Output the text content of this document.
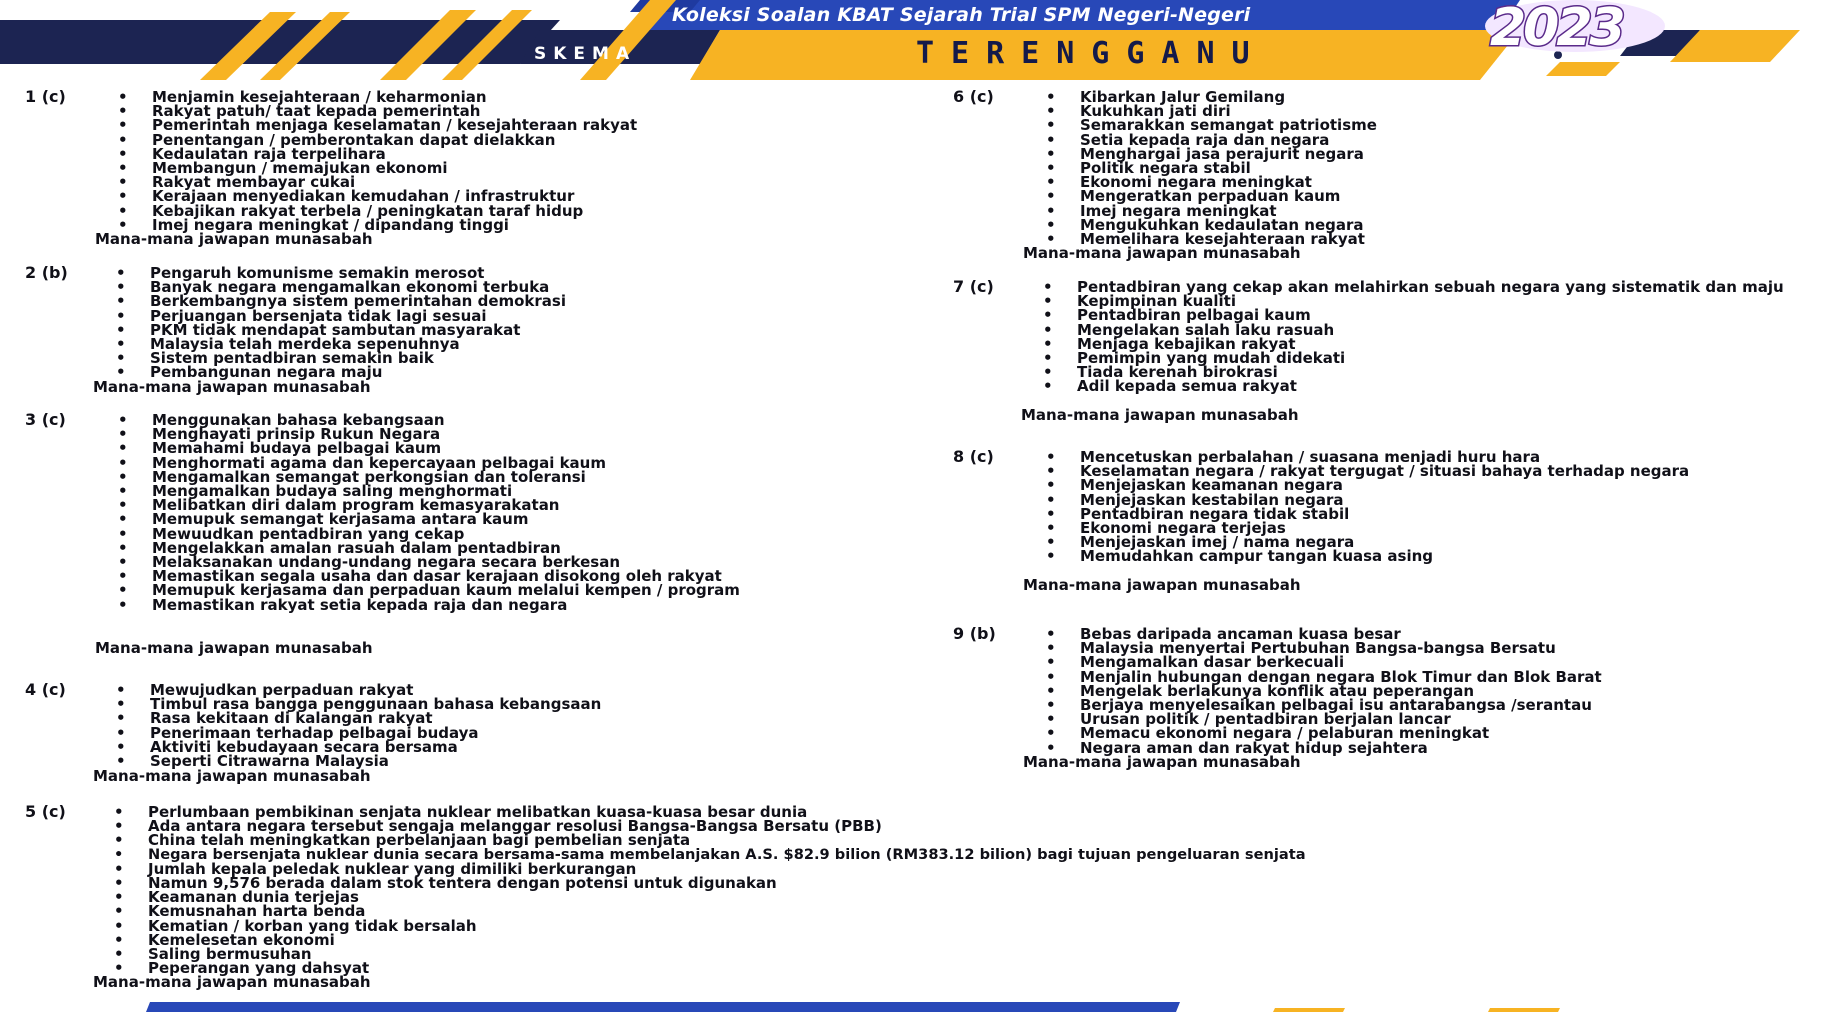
Koleksi Soalan KBAT Sejarah Trial SPM Negeri-Negeri
SKEMA	TERENGGANU	2023
1 (c)	• Menjamin kesejahteraan / keharmonian
• Rakyat patuh/ taat kepada pemerintah
• Pemerintah menjaga keselamatan / kesejahteraan rakyat
• Penentangan / pemberontakan dapat dielakkan
• Kedaulatan raja terpelihara
• Membangun / memajukan ekonomi
• Rakyat membayar cukai
• Kerajaan menyediakan kemudahan / infrastruktur
• Kebajikan rakyat terbela / peningkatan taraf hidup
• Imej negara meningkat / dipandang tinggi
Mana-mana jawapan munasabah
2 (b)	• Pengaruh komunisme semakin merosot
• Banyak negara mengamalkan ekonomi terbuka
• Berkembangnya sistem pemerintahan demokrasi
• Perjuangan bersenjata tidak lagi sesuai
• PKM tidak mendapat sambutan masyarakat
• Malaysia telah merdeka sepenuhnya
• Sistem pentadbiran semakin baik
• Pembangunan negara maju
Mana-mana jawapan munasabah
3 (c)	• Menggunakan bahasa kebangsaan
• Menghayati prinsip Rukun Negara
• Memahami budaya pelbagai kaum
• Menghormati agama dan kepercayaan pelbagai kaum
• Mengamalkan semangat perkongsian dan toleransi
• Mengamalkan budaya saling menghormati
• Melibatkan diri dalam program kemasyarakatan
• Memupuk semangat kerjasama antara kaum
• Mewuudkan pentadbiran yang cekap
• Mengelakkan amalan rasuah dalam pentadbiran
• Melaksanakan undang-undang negara secara berkesan
• Memastikan segala usaha dan dasar kerajaan disokong oleh rakyat
• Memupuk kerjasama dan perpaduan kaum melalui kempen / program
• Memastikan rakyat setia kepada raja dan negara
Mana-mana jawapan munasabah
4 (c)	• Mewujudkan perpaduan rakyat
• Timbul rasa bangga penggunaan bahasa kebangsaan
• Rasa kekitaan di kalangan rakyat
• Penerimaan terhadap pelbagai budaya
• Aktiviti kebudayaan secara bersama
• Seperti Citrawarna Malaysia
Mana-mana jawapan munasabah
5 (c)	• Perlumbaan pembikinan senjata nuklear melibatkan kuasa-kuasa besar dunia
• Ada antara negara tersebut sengaja melanggar resolusi Bangsa-Bangsa Bersatu (PBB)
• China telah meningkatkan perbelanjaan bagi pembelian senjata
• Negara bersenjata nuklear dunia secara bersama-sama membelanjakan A.S. $82.9 bilion (RM383.12 bilion) bagi tujuan pengeluaran senjata
• Jumlah kepala peledak nuklear yang dimiliki berkurangan
• Namun 9,576 berada dalam stok tentera dengan potensi untuk digunakan
• Keamanan dunia terjejas
• Kemusnahan harta benda
• Kematian / korban yang tidak bersalah
• Kemelesetan ekonomi
• Saling bermusuhan
• Peperangan yang dahsyat
Mana-mana jawapan munasabah
6 (c)	• Kibarkan Jalur Gemilang
• Kukuhkan jati diri
• Semarakkan semangat patriotisme
• Setia kepada raja dan negara
• Menghargai jasa perajurit negara
• Politik negara stabil
• Ekonomi negara meningkat
• Mengeratkan perpaduan kaum
• Imej negara meningkat
• Mengukuhkan kedaulatan negara
• Memelihara kesejahteraan rakyat
Mana-mana jawapan munasabah
7 (c)	• Pentadbiran yang cekap akan melahirkan sebuah negara yang sistematik dan maju
• Kepimpinan kualiti
• Pentadbiran pelbagai kaum
• Mengelakan salah laku rasuah
• Menjaga kebajikan rakyat
• Pemimpin yang mudah didekati
• Tiada kerenah birokrasi
• Adil kepada semua rakyat
Mana-mana jawapan munasabah
8 (c)	• Mencetuskan perbalahan / suasana menjadi huru hara
• Keselamatan negara / rakyat tergugat / situasi bahaya terhadap negara
• Menjejaskan keamanan negara
• Menjejaskan kestabilan negara
• Pentadbiran negara tidak stabil
• Ekonomi negara terjejas
• Menjejaskan imej / nama negara
• Memudahkan campur tangan kuasa asing
Mana-mana jawapan munasabah
9 (b)	• Bebas daripada ancaman kuasa besar
• Malaysia menyertai Pertubuhan Bangsa-bangsa Bersatu
• Mengamalkan dasar berkecuali
• Menjalin hubungan dengan negara Blok Timur dan Blok Barat
• Mengelak berlakunya konflik atau peperangan
• Berjaya menyelesaikan pelbagai isu antarabangsa /serantau
• Urusan politik / pentadbiran berjalan lancar
• Memacu ekonomi negara / pelaburan meningkat
• Negara aman dan rakyat hidup sejahtera
Mana-mana jawapan munasabah
